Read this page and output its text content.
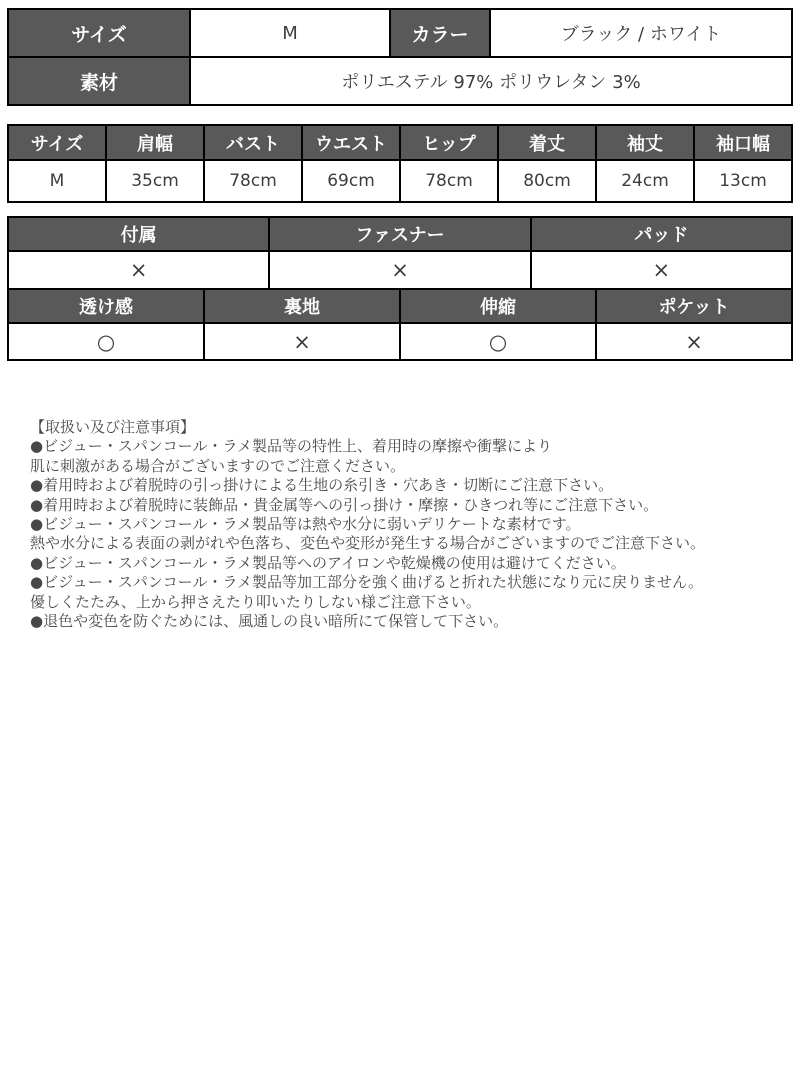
サイズ	M	カラー	ブラック / ホワイト
素材	ポリエステル 97% ポリウレタン 3%		
サイズ	肩幅	バスト	ウエスト	ヒップ	着丈	袖丈	袖口幅
M	35cm	78cm	69cm	78cm	80cm	24cm	13cm
付属	ファスナー	パッド
×	×	×
透け感	裏地	伸縮	ポケット
○	×	○	×
【取扱い及び注意事項】
●ビジュー・スパンコール・ラメ製品等の特性上、着用時の摩擦や衝撃により
肌に刺激がある場合がございますのでご注意ください。
●着用時および着脱時の引っ掛けによる生地の糸引き・穴あき・切断にご注意下さい。
●着用時および着脱時に装飾品・貴金属等への引っ掛け・摩擦・ひきつれ等にご注意下さい。
●ビジュー・スパンコール・ラメ製品等は熱や水分に弱いデリケートな素材です。
熱や水分による表面の剥がれや色落ち、変色や変形が発生する場合がございますのでご注意下さい。
●ビジュー・スパンコール・ラメ製品等へのアイロンや乾燥機の使用は避けてください。
●ビジュー・スパンコール・ラメ製品等加工部分を強く曲げると折れた状態になり元に戻りません。
優しくたたみ、上から押さえたり叩いたりしない様ご注意下さい。
●退色や変色を防ぐためには、風通しの良い暗所にて保管して下さい。
